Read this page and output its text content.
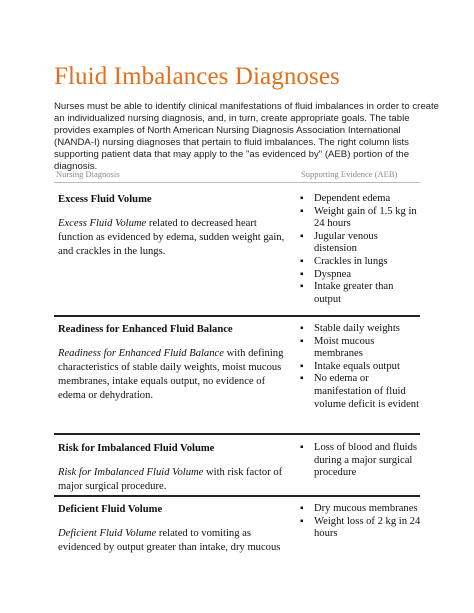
Fluid Imbalances Diagnoses
Nurses must be able to identify clinical manifestations of fluid imbalances in order to create an individualized nursing diagnosis, and, in turn, create appropriate goals. The table provides examples of North American Nursing Diagnosis Association International (NANDA-I) nursing diagnoses that pertain to fluid imbalances. The right column lists supporting patient data that may apply to the "as evidenced by" (AEB) portion of the diagnosis.
Nursing Diagnosis	Supporting Evidence (AEB)
Excess Fluid Volume
Excess Fluid Volume related to decreased heart function as evidenced by edema, sudden weight gain, and crackles in the lungs.
▪ Dependent edema
▪ Weight gain of 1.5 kg in 24 hours
▪ Jugular venous distension
▪ Crackles in lungs
▪ Dyspnea
▪ Intake greater than output
Readiness for Enhanced Fluid Balance
Readiness for Enhanced Fluid Balance with defining characteristics of stable daily weights, moist mucous membranes, intake equals output, no evidence of edema or dehydration.
▪ Stable daily weights
▪ Moist mucous membranes
▪ Intake equals output
▪ No edema or manifestation of fluid volume deficit is evident
Risk for Imbalanced Fluid Volume
Risk for Imbalanced Fluid Volume with risk factor of major surgical procedure.
▪ Loss of blood and fluids during a major surgical procedure
Deficient Fluid Volume
Deficient Fluid Volume related to vomiting as evidenced by output greater than intake, dry mucous
▪ Dry mucous membranes
▪ Weight loss of 2 kg in 24 hours
